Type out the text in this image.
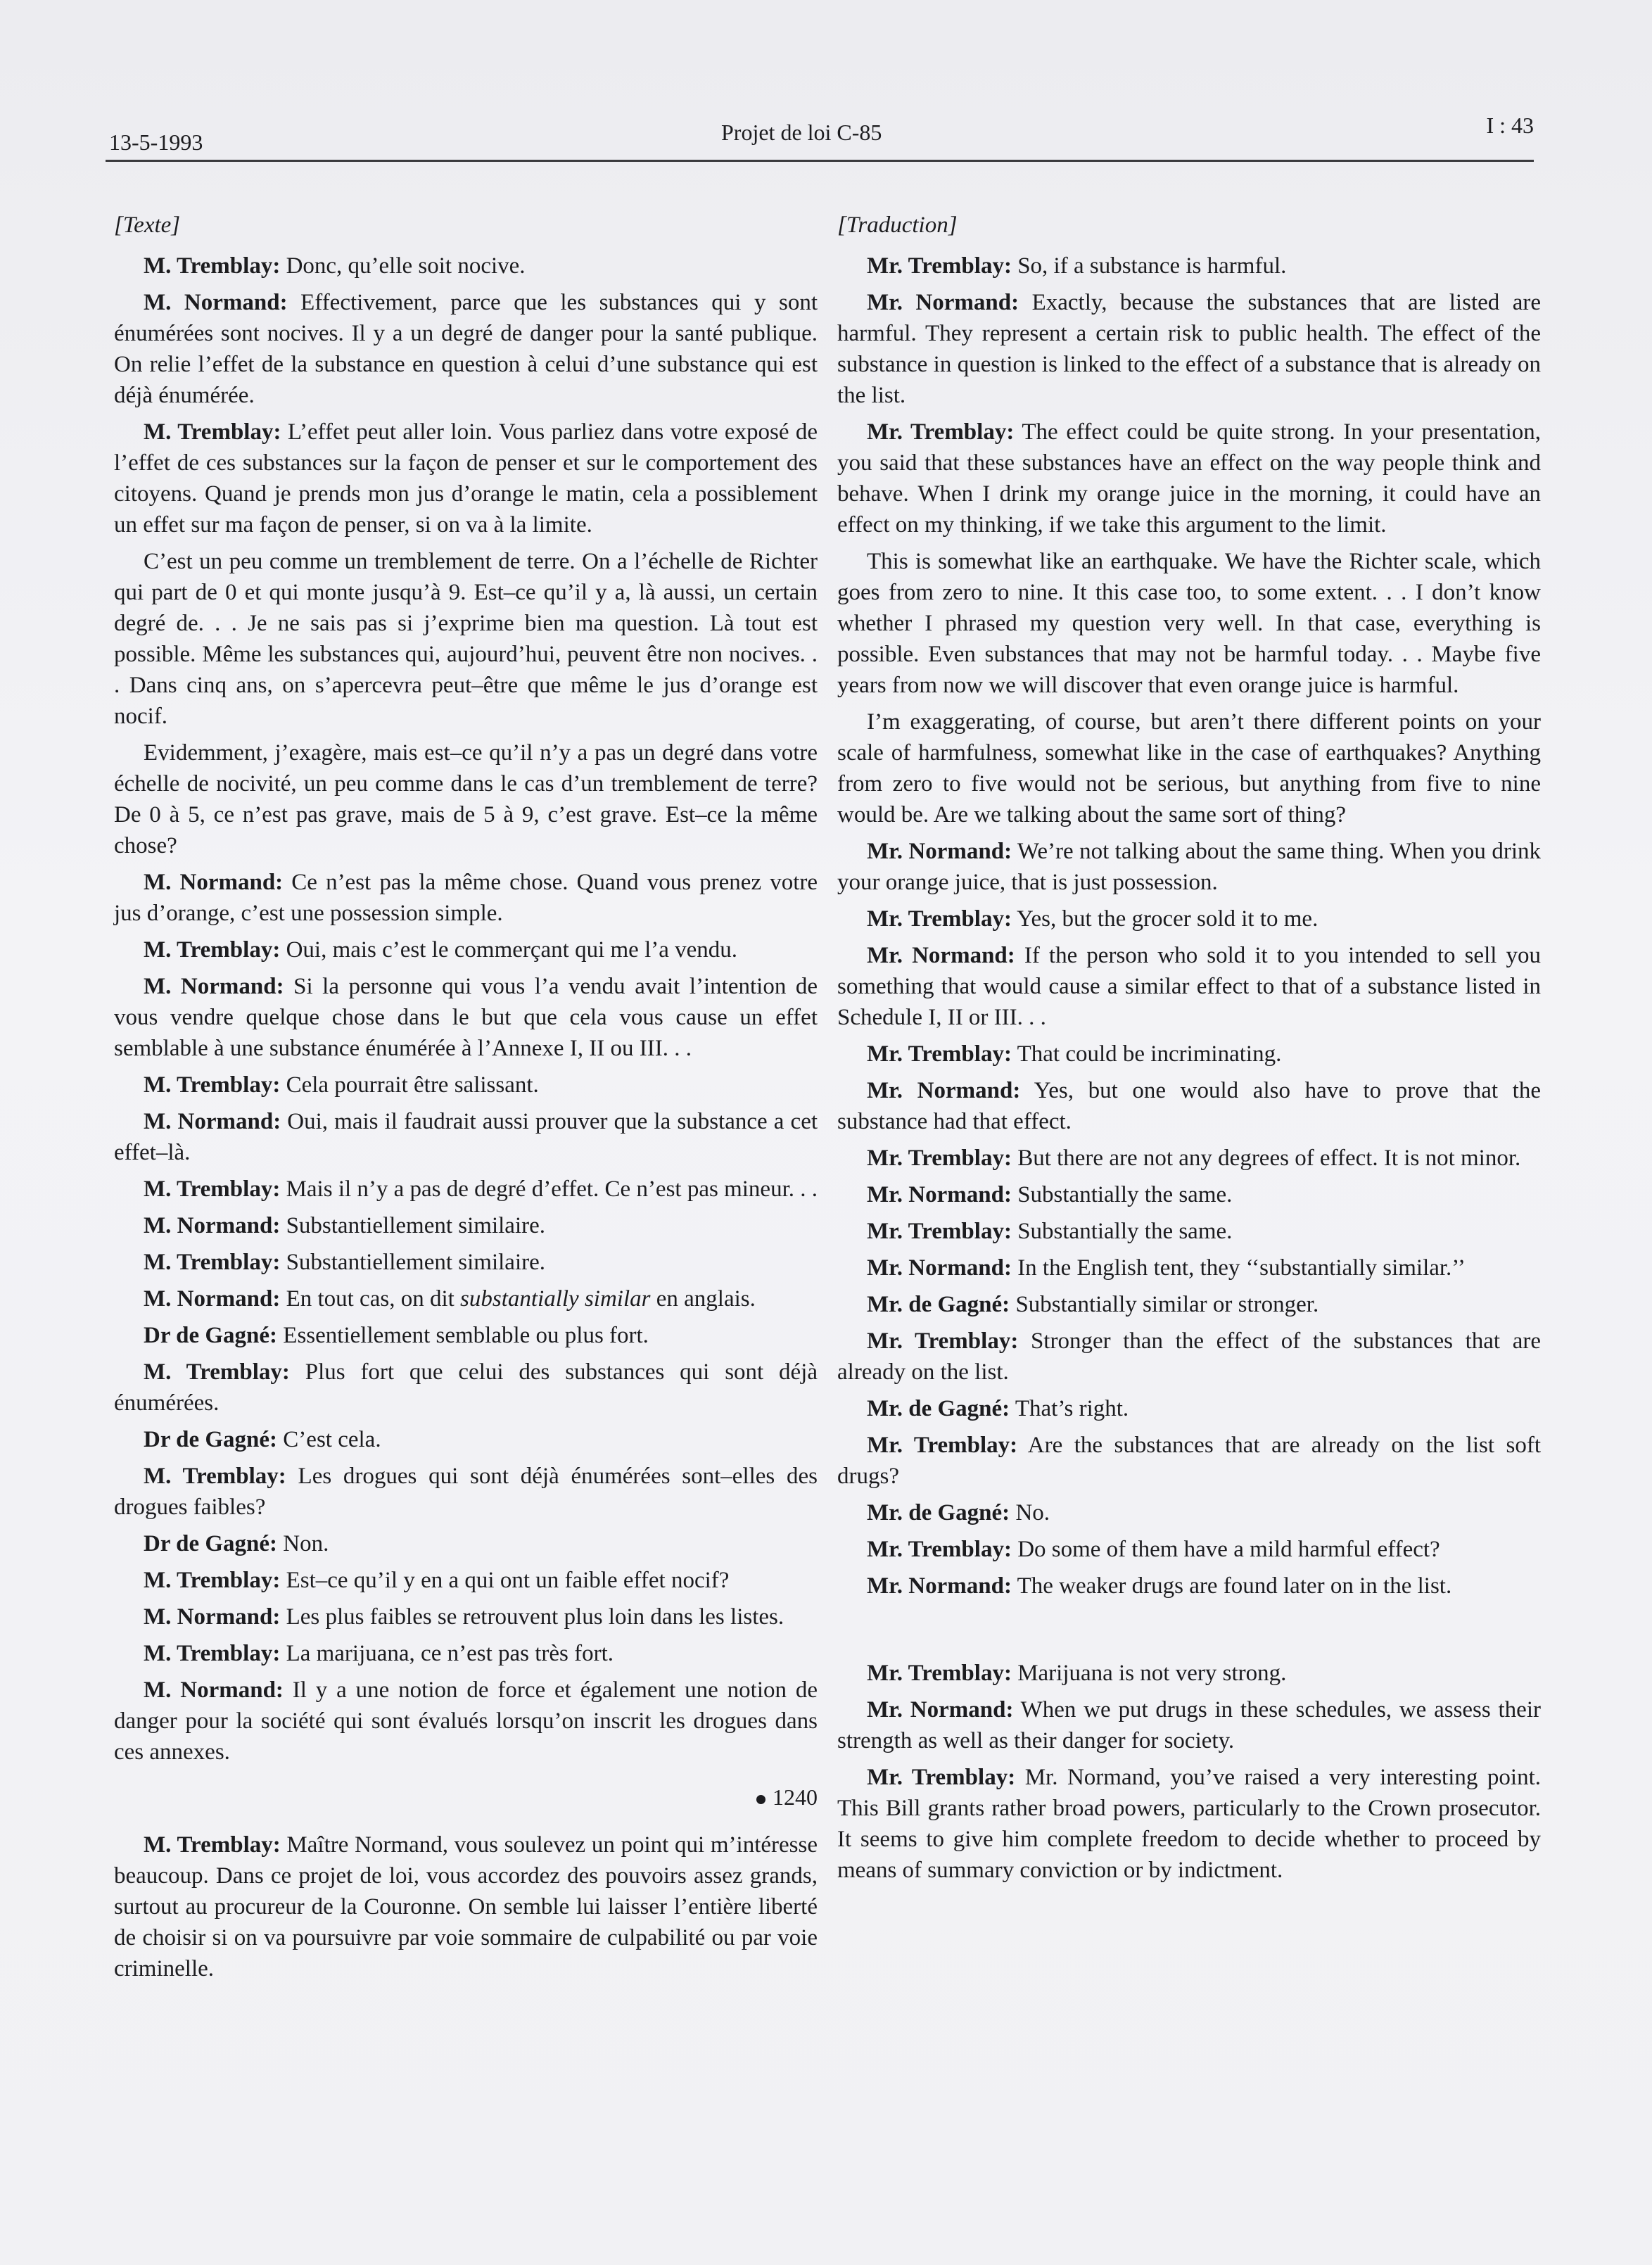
13-5-1993	Projet de loi C-85	I : 43
[Texte]
M. Tremblay: Donc, qu’elle soit nocive.
M. Normand: Effectivement, parce que les substances qui y sont énumérées sont nocives. Il y a un degré de danger pour la santé publique. On relie l’effet de la substance en question à celui d’une substance qui est déjà énumérée.
M. Tremblay: L’effet peut aller loin. Vous parliez dans votre exposé de l’effet de ces substances sur la façon de penser et sur le comportement des citoyens. Quand je prends mon jus d’orange le matin, cela a possiblement un effet sur ma façon de penser, si on va à la limite.
C’est un peu comme un tremblement de terre. On a l’échelle de Richter qui part de 0 et qui monte jusqu’à 9. Est–ce qu’il y a, là aussi, un certain degré de. . . Je ne sais pas si j’exprime bien ma question. Là tout est possible. Même les substances qui, aujourd’hui, peuvent être non nocives. . . Dans cinq ans, on s’apercevra peut–être que même le jus d’orange est nocif.
Evidemment, j’exagère, mais est–ce qu’il n’y a pas un degré dans votre échelle de nocivité, un peu comme dans le cas d’un tremblement de terre? De 0 à 5, ce n’est pas grave, mais de 5 à 9, c’est grave. Est–ce la même chose?
M. Normand: Ce n’est pas la même chose. Quand vous prenez votre jus d’orange, c’est une possession simple.
M. Tremblay: Oui, mais c’est le commerçant qui me l’a vendu.
M. Normand: Si la personne qui vous l’a vendu avait l’intention de vous vendre quelque chose dans le but que cela vous cause un effet semblable à une substance énumérée à l’Annexe I, II ou III. . .
M. Tremblay: Cela pourrait être salissant.
M. Normand: Oui, mais il faudrait aussi prouver que la substance a cet effet–là.
M. Tremblay: Mais il n’y a pas de degré d’effet. Ce n’est pas mineur. . .
M. Normand: Substantiellement similaire.
M. Tremblay: Substantiellement similaire.
M. Normand: En tout cas, on dit substantially similar en anglais.
Dr de Gagné: Essentiellement semblable ou plus fort.
M. Tremblay: Plus fort que celui des substances qui sont déjà énumérées.
Dr de Gagné: C’est cela.
M. Tremblay: Les drogues qui sont déjà énumérées sont–elles des drogues faibles?
Dr de Gagné: Non.
M. Tremblay: Est–ce qu’il y en a qui ont un faible effet nocif?
M. Normand: Les plus faibles se retrouvent plus loin dans les listes.
M. Tremblay: La marijuana, ce n’est pas très fort.
M. Normand: Il y a une notion de force et également une notion de danger pour la société qui sont évalués lorsqu’on inscrit les drogues dans ces annexes.
1240
M. Tremblay: Maître Normand, vous soulevez un point qui m’intéresse beaucoup. Dans ce projet de loi, vous accordez des pouvoirs assez grands, surtout au procureur de la Couronne. On semble lui laisser l’entière liberté de choisir si on va poursuivre par voie sommaire de culpabilité ou par voie criminelle.
[Traduction]
Mr. Tremblay: So, if a substance is harmful.
Mr. Normand: Exactly, because the substances that are listed are harmful. They represent a certain risk to public health. The effect of the substance in question is linked to the effect of a substance that is already on the list.
Mr. Tremblay: The effect could be quite strong. In your presentation, you said that these substances have an effect on the way people think and behave. When I drink my orange juice in the morning, it could have an effect on my thinking, if we take this argument to the limit.
This is somewhat like an earthquake. We have the Richter scale, which goes from zero to nine. It this case too, to some extent. . . I don’t know whether I phrased my question very well. In that case, everything is possible. Even substances that may not be harmful today. . . Maybe five years from now we will discover that even orange juice is harmful.
I’m exaggerating, of course, but aren’t there different points on your scale of harmfulness, somewhat like in the case of earthquakes? Anything from zero to five would not be serious, but anything from five to nine would be. Are we talking about the same sort of thing?
Mr. Normand: We’re not talking about the same thing. When you drink your orange juice, that is just possession.
Mr. Tremblay: Yes, but the grocer sold it to me.
Mr. Normand: If the person who sold it to you intended to sell you something that would cause a similar effect to that of a substance listed in Schedule I, II or III. . .
Mr. Tremblay: That could be incriminating.
Mr. Normand: Yes, but one would also have to prove that the substance had that effect.
Mr. Tremblay: But there are not any degrees of effect. It is not minor.
Mr. Normand: Substantially the same.
Mr. Tremblay: Substantially the same.
Mr. Normand: In the English tent, they ‘‘substantially similar.’’
Mr. de Gagné: Substantially similar or stronger.
Mr. Tremblay: Stronger than the effect of the substances that are already on the list.
Mr. de Gagné: That’s right.
Mr. Tremblay: Are the substances that are already on the list soft drugs?
Mr. de Gagné: No.
Mr. Tremblay: Do some of them have a mild harmful effect?
Mr. Normand: The weaker drugs are found later on in the list.
Mr. Tremblay: Marijuana is not very strong.
Mr. Normand: When we put drugs in these schedules, we assess their strength as well as their danger for society.
Mr. Tremblay: Mr. Normand, you’ve raised a very interesting point. This Bill grants rather broad powers, particularly to the Crown prosecutor. It seems to give him complete freedom to decide whether to proceed by means of summary conviction or by indictment.
